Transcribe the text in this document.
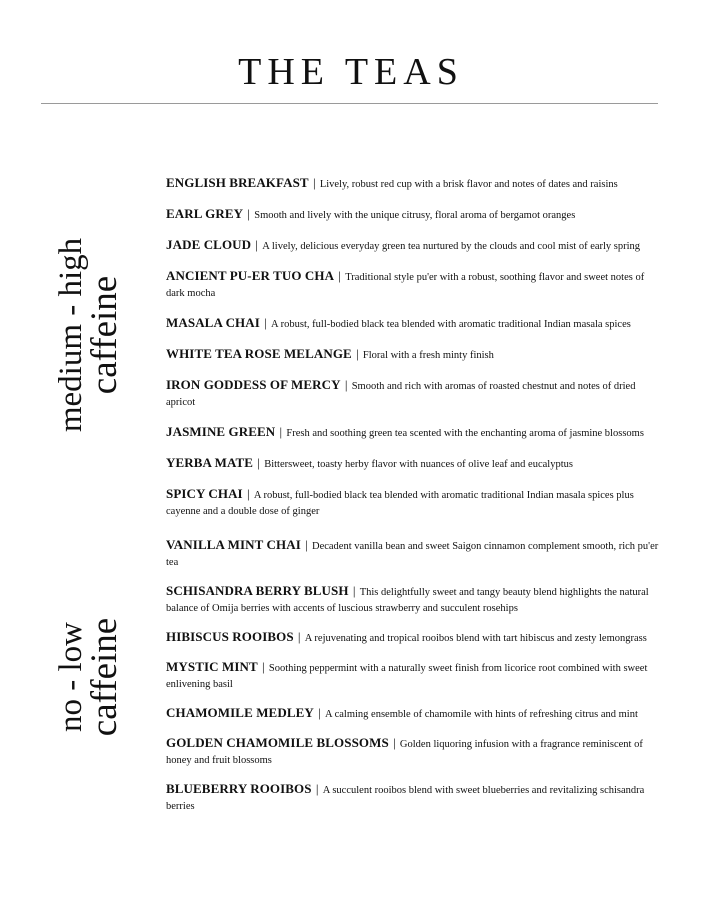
THE TEAS
medium - high
caffeine
no - low
caffeine

ENGLISH BREAKFAST | Lively, robust red cup with a brisk flavor and notes of dates and raisins

EARL GREY | Smooth and lively with the unique citrusy, floral aroma of bergamot oranges

JADE CLOUD | A lively, delicious everyday green tea nurtured by the clouds and cool mist of early spring

ANCIENT PU-ER TUO CHA | Traditional style pu'er with a robust, soothing flavor and sweet notes of dark mocha

MASALA CHAI | A robust, full-bodied black tea blended with aromatic traditional Indian masala spices

WHITE TEA ROSE MELANGE | Floral with a fresh minty finish

IRON GODDESS OF MERCY | Smooth and rich with aromas of roasted chestnut and notes of dried apricot

JASMINE GREEN | Fresh and soothing green tea scented with the enchanting aroma of jasmine blossoms

YERBA MATE | Bittersweet, toasty herby flavor with nuances of olive leaf and eucalyptus

SPICY CHAI | A robust, full-bodied black tea blended with aromatic traditional Indian masala spices plus cayenne and a double dose of ginger

VANILLA MINT CHAI | Decadent vanilla bean and sweet Saigon cinnamon complement smooth, rich pu'er tea

SCHISANDRA BERRY BLUSH | This delightfully sweet and tangy beauty blend highlights the natural balance of Omija berries with accents of luscious strawberry and succulent rosehips

HIBISCUS ROOIBOS | A rejuvenating and tropical rooibos blend with tart hibiscus and zesty lemongrass

MYSTIC MINT | Soothing peppermint with a naturally sweet finish from licorice root combined with sweet enlivening basil

CHAMOMILE MEDLEY | A calming ensemble of chamomile with hints of refreshing citrus and mint

GOLDEN CHAMOMILE BLOSSOMS | Golden liquoring infusion with a fragrance reminiscent of honey and fruit blossoms

BLUEBERRY ROOIBOS | A succulent rooibos blend with sweet blueberries and revitalizing schisandra berries
